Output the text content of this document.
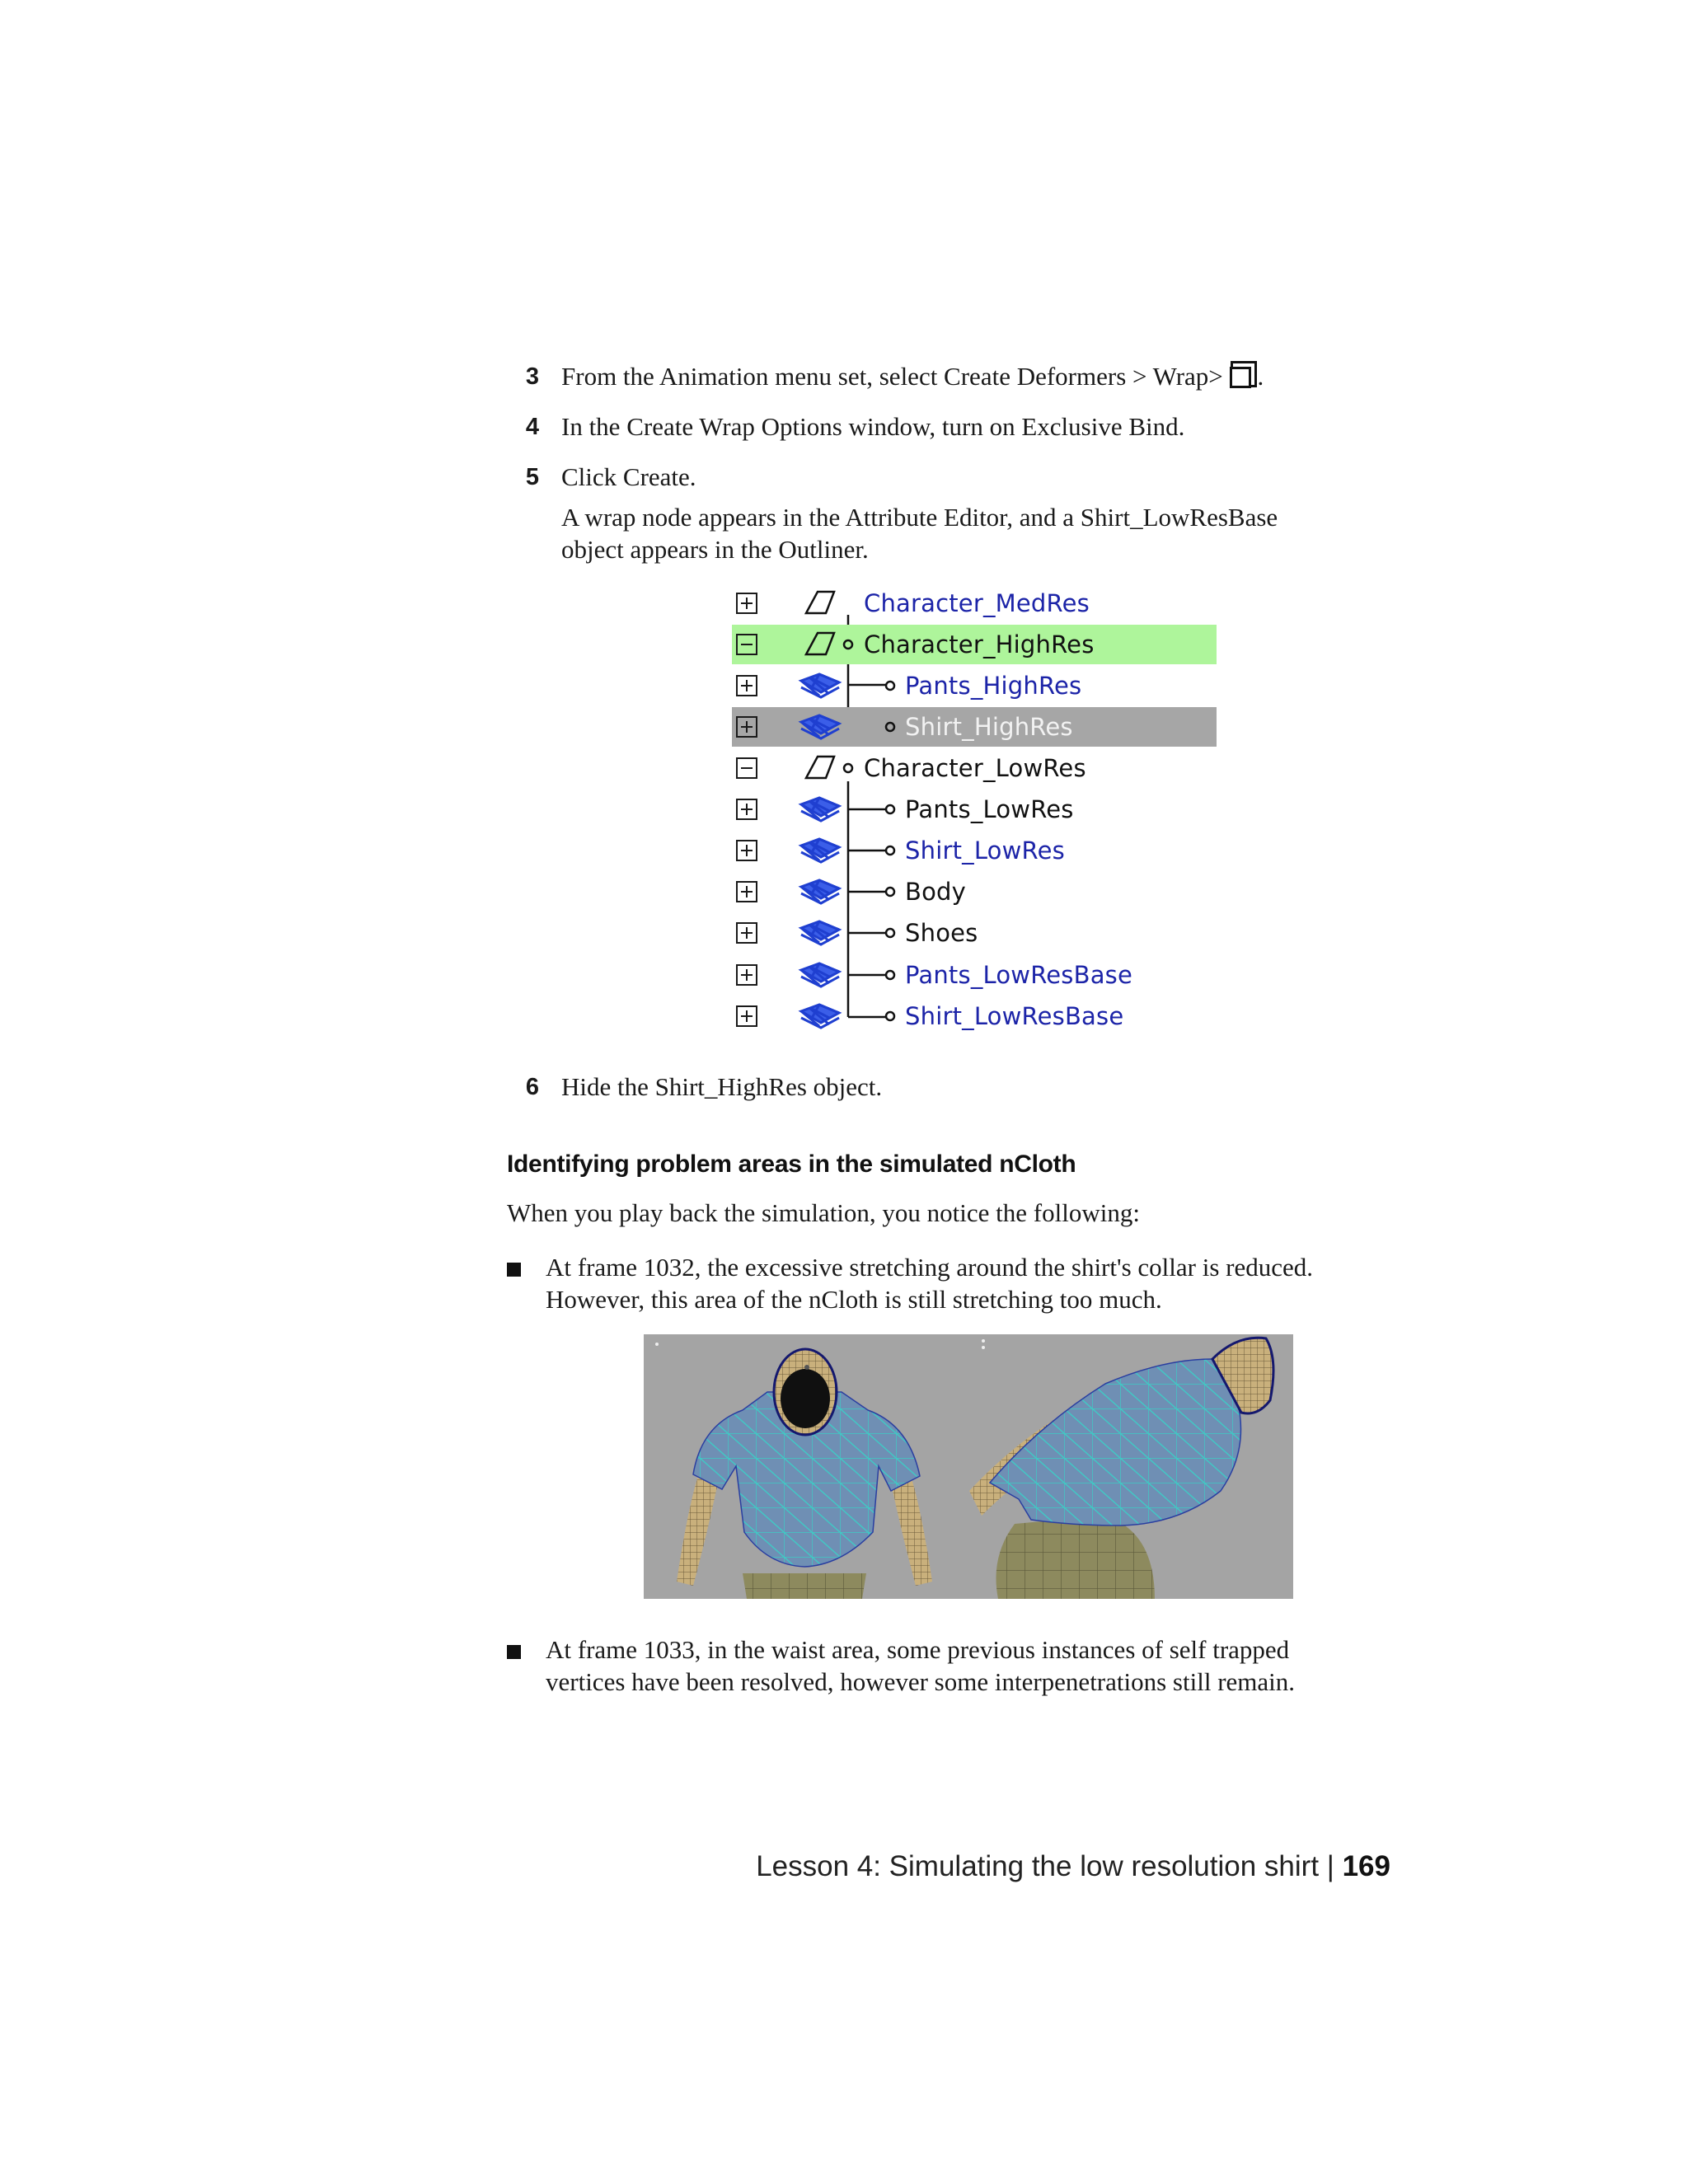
3 From the Animation menu set, select Create Deformers > Wrap> .
4 In the Create Wrap Options window, turn on Exclusive Bind.
5 Click Create.
A wrap node appears in the Attribute Editor, and a Shirt_LowResBase
object appears in the Outliner.
Character_MedRes
Character_HighRes
Pants_HighRes
Shirt_HighRes
Character_LowRes
Pants_LowRes
Shirt_LowRes
Body
Shoes
Pants_LowResBase
Shirt_LowResBase
6 Hide the Shirt_HighRes object.
Identifying problem areas in the simulated nCloth
When you play back the simulation, you notice the following:
At frame 1032, the excessive stretching around the shirt's collar is reduced.
However, this area of the nCloth is still stretching too much.
At frame 1033, in the waist area, some previous instances of self trapped
vertices have been resolved, however some interpenetrations still remain.
Lesson 4: Simulating the low resolution shirt | 169
